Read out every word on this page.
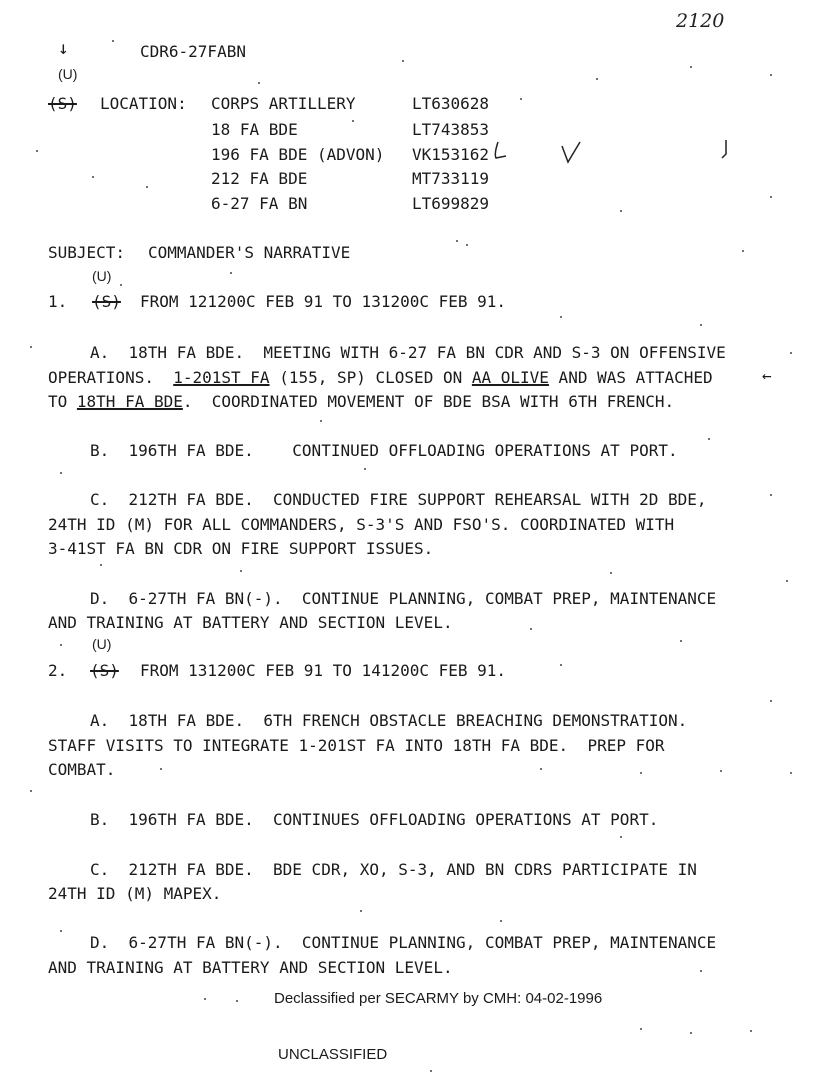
2120
↓	CDR6-27FABN
(U)
(S) LOCATION: CORPS ARTILLERY	LT630628
18 FA BDE	LT743853
196 FA BDE (ADVON) VK153162
212 FA BDE	MT733119
6-27 FA BN	LT699829
SUBJECT: COMMANDER'S NARRATIVE
(U)
1. (S) FROM 121200C FEB 91 TO 131200C FEB 91.
A.  18TH FA BDE.  MEETING WITH 6-27 FA BN CDR AND S-3 ON OFFENSIVE
OPERATIONS.  1-201ST FA (155, SP) CLOSED ON AA OLIVE AND WAS ATTACHED	←
TO 18TH FA BDE.  COORDINATED MOVEMENT OF BDE BSA WITH 6TH FRENCH.
B.  196TH FA BDE.    CONTINUED OFFLOADING OPERATIONS AT PORT.
C.  212TH FA BDE.  CONDUCTED FIRE SUPPORT REHEARSAL WITH 2D BDE,
24TH ID (M) FOR ALL COMMANDERS, S-3'S AND FSO'S. COORDINATED WITH
3-41ST FA BN CDR ON FIRE SUPPORT ISSUES.
D.  6-27TH FA BN(-).  CONTINUE PLANNING, COMBAT PREP, MAINTENANCE
AND TRAINING AT BATTERY AND SECTION LEVEL.
(U)
2. (S) FROM 131200C FEB 91 TO 141200C FEB 91.
A.  18TH FA BDE.  6TH FRENCH OBSTACLE BREACHING DEMONSTRATION.
STAFF VISITS TO INTEGRATE 1-201ST FA INTO 18TH FA BDE.  PREP FOR
COMBAT.
B.  196TH FA BDE.  CONTINUES OFFLOADING OPERATIONS AT PORT.
C.  212TH FA BDE.  BDE CDR, XO, S-3, AND BN CDRS PARTICIPATE IN
24TH ID (M) MAPEX.
D.  6-27TH FA BN(-).  CONTINUE PLANNING, COMBAT PREP, MAINTENANCE
AND TRAINING AT BATTERY AND SECTION LEVEL.
Declassified per SECARMY by CMH: 04-02-1996
UNCLASSIFIED
